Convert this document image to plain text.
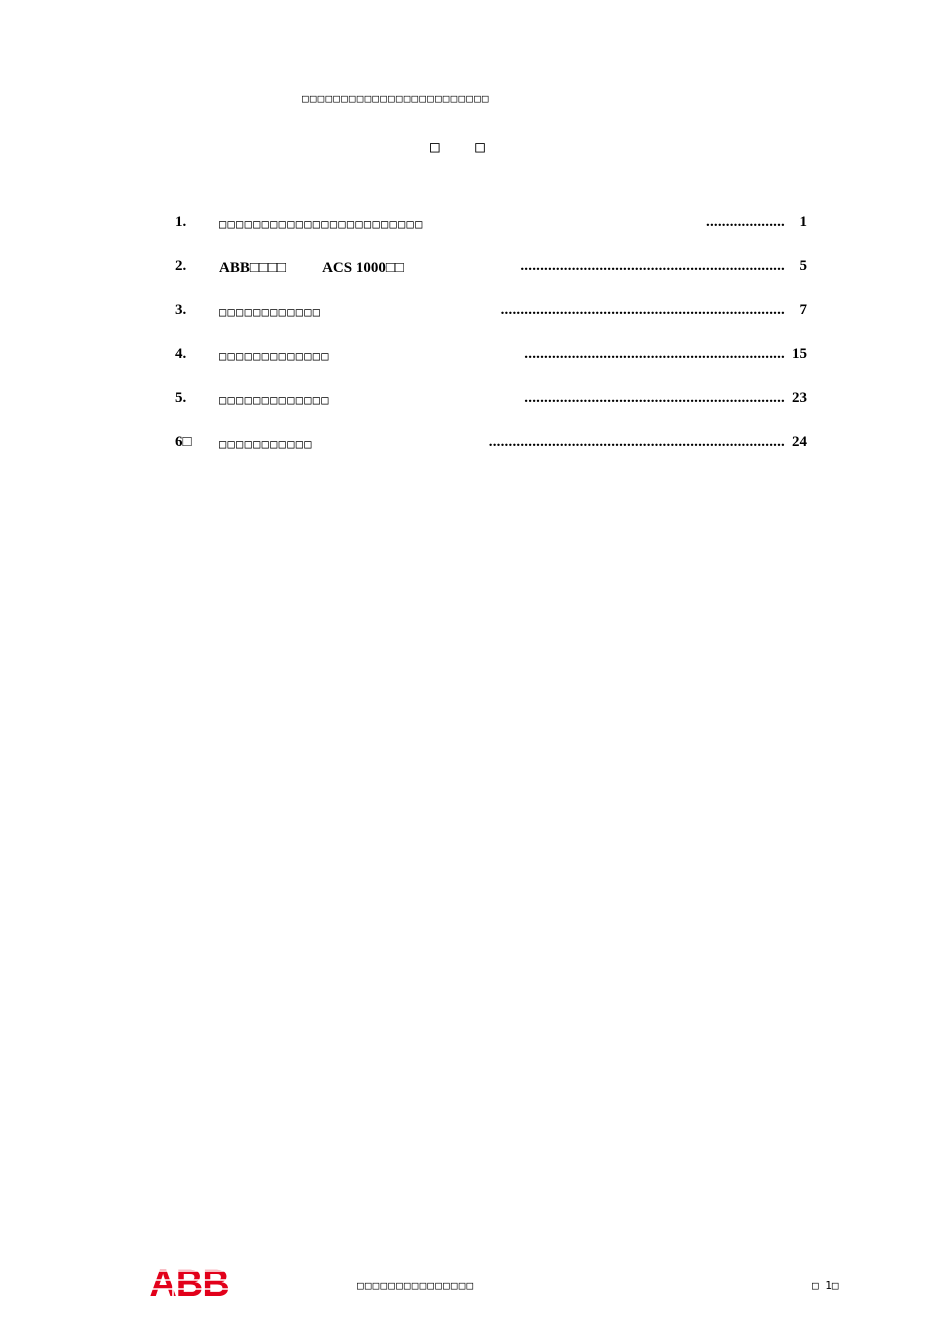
□□□□□□□□□□□□□□□□□□□□□□□□
□ □
1.	□□□□□□□□□□□□□□□□□□□□□□□□	.................... 1
2. ABB□□□□ ACS 1000□□	................................................................... 5
3.	□□□□□□□□□□□□	........................................................................ 7
4.	□□□□□□□□□□□□□	.................................................................. 15
5.	□□□□□□□□□□□□□	.................................................................. 23
6□ □□□□□□□□□□□	........................................................................... 24
ABB	□□□□□□□□□□□□□□□	□ 1□
